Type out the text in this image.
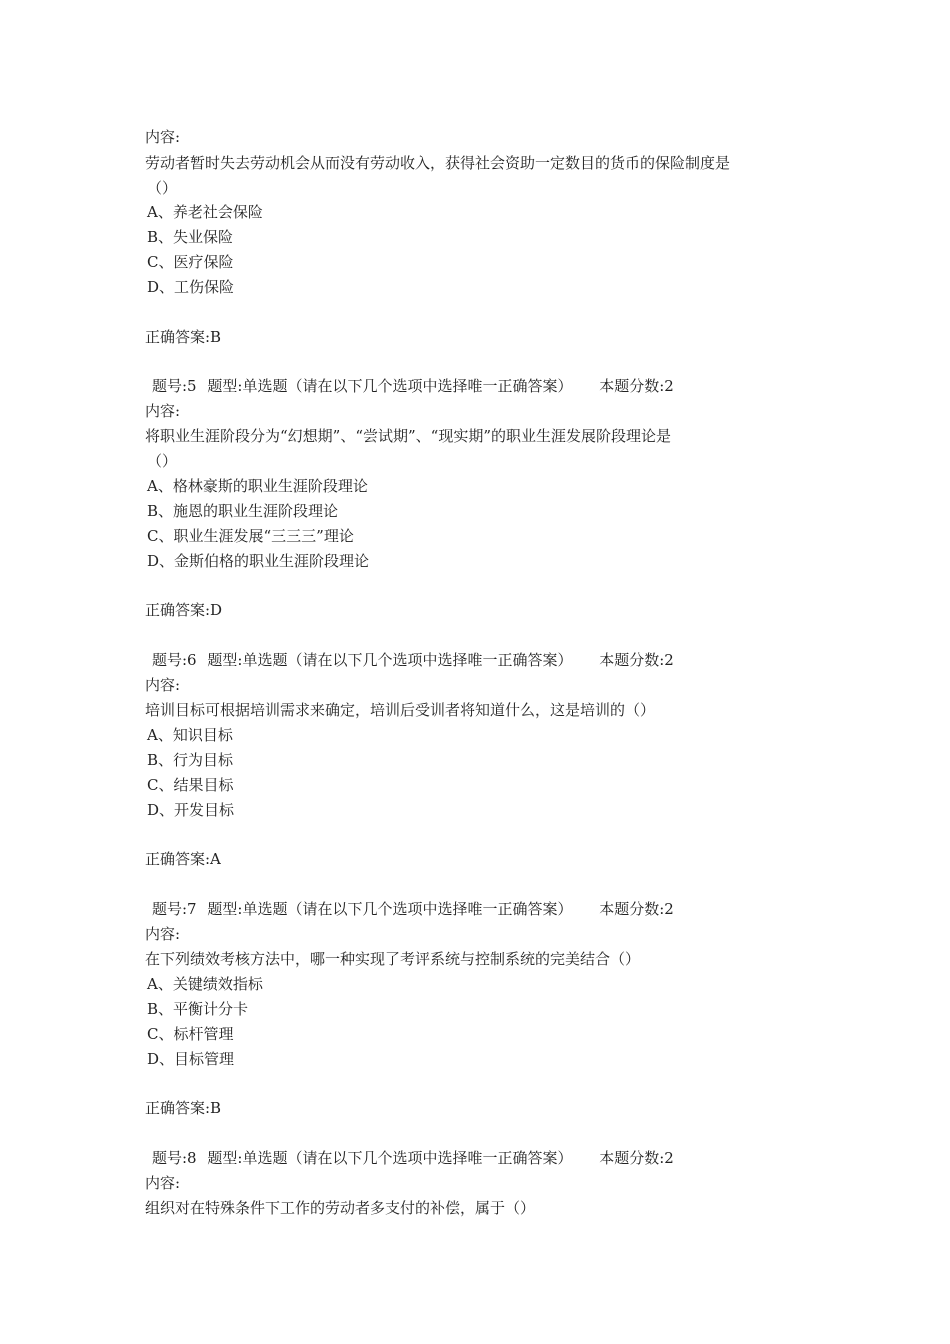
内容:
劳动者暂时失去劳动机会从而没有劳动收入，获得社会资助一定数目的货币的保险制度是
（）
A、养老社会保险
B、失业保险
C、医疗保险
D、工伤保险
正确答案:B
题号:5 题型:单选题（请在以下几个选项中选择唯一正确答案） 本题分数:2
内容:
将职业生涯阶段分为“幻想期”、“尝试期”、“现实期”的职业生涯发展阶段理论是
（）
A、格林豪斯的职业生涯阶段理论
B、施恩的职业生涯阶段理论
C、职业生涯发展“三三三”理论
D、金斯伯格的职业生涯阶段理论
正确答案:D
题号:6 题型:单选题（请在以下几个选项中选择唯一正确答案） 本题分数:2
内容:
培训目标可根据培训需求来确定，培训后受训者将知道什么，这是培训的（）
A、知识目标
B、行为目标
C、结果目标
D、开发目标
正确答案:A
题号:7 题型:单选题（请在以下几个选项中选择唯一正确答案） 本题分数:2
内容:
在下列绩效考核方法中，哪一种实现了考评系统与控制系统的完美结合（）
A、关键绩效指标
B、平衡计分卡
C、标杆管理
D、目标管理
正确答案:B
题号:8 题型:单选题（请在以下几个选项中选择唯一正确答案） 本题分数:2
内容:
组织对在特殊条件下工作的劳动者多支付的补偿，属于（）
